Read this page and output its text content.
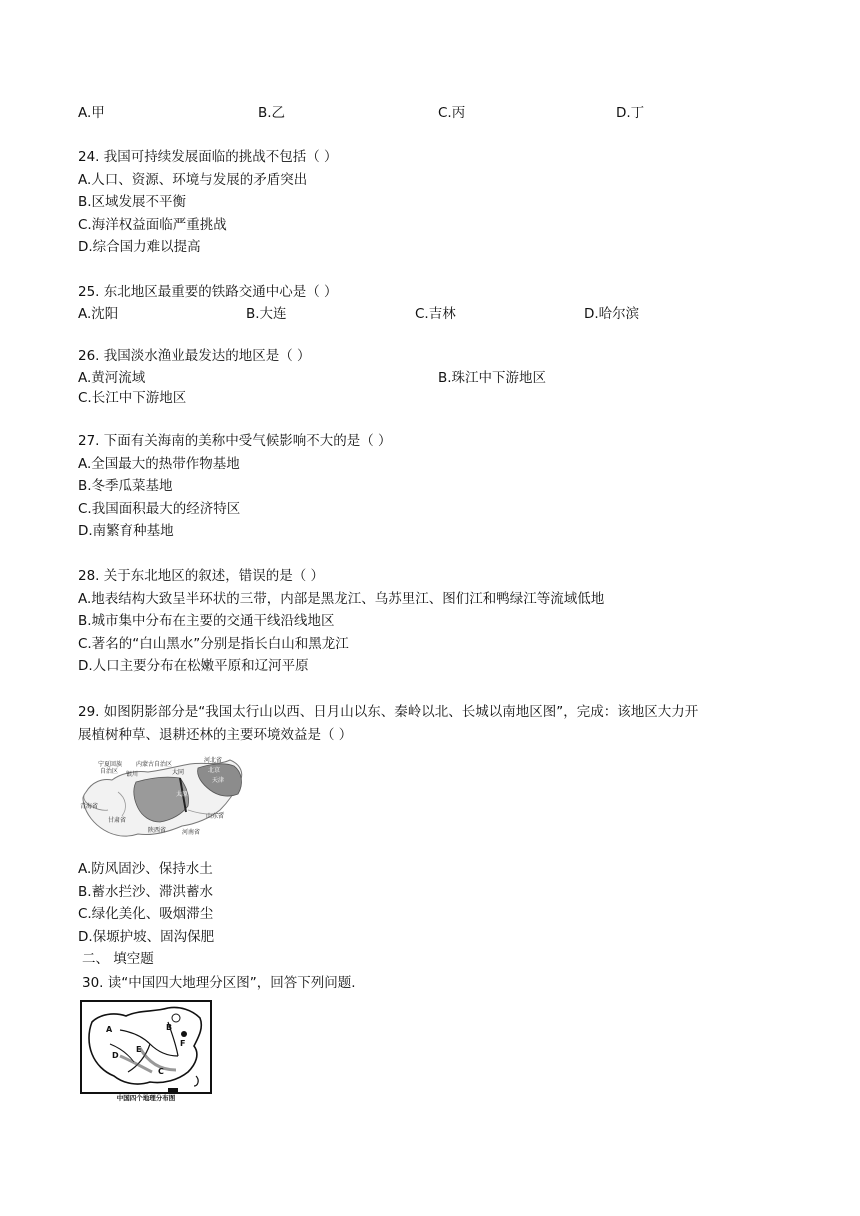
A.甲	B.乙	C.丙	D.丁
24. 我国可持续发展面临的挑战不包括（ ）
A.人口、资源、环境与发展的矛盾突出
B.区域发展不平衡
C.海洋权益面临严重挑战
D.综合国力难以提高
25. 东北地区最重要的铁路交通中心是（ ）
A.沈阳	B.大连	C.吉林	D.哈尔滨
26. 我国淡水渔业最发达的地区是（ ）
A.黄河流域	B.珠江中下游地区
C.长江中下游地区
27. 下面有关海南的美称中受气候影响不大的是（ ）
A.全国最大的热带作物基地
B.冬季瓜菜基地
C.我国面积最大的经济特区
D.南繁育种基地
28. 关于东北地区的叙述，错误的是（ ）
A.地表结构大致呈半环状的三带，内部是黑龙江、乌苏里江、图们江和鸭绿江等流域低地
B.城市集中分布在主要的交通干线沿线地区
C.著名的“白山黑水”分别是指长白山和黑龙江
D.人口主要分布在松嫩平原和辽河平原
29. 如图阴影部分是“我国太行山以西、日月山以东、秦岭以北、长城以南地区图”，完成：该地区大力开
展植树种草、退耕还林的主要环境效益是（ ）
宁夏回族
自治区
内蒙古自治区
银川
河北省
北京
天津
大同
太原
青海省
甘肃省
陕西省	河南省
山东省
A.防风固沙、保持水土
B.蓄水拦沙、滞洪蓄水
C.绿化美化、吸烟滞尘
D.保塬护坡、固沟保肥
二、 填空题
30. 读“中国四大地理分区图”，回答下列问题.
A	B
C
D
E
F
中国四个地理分布图
